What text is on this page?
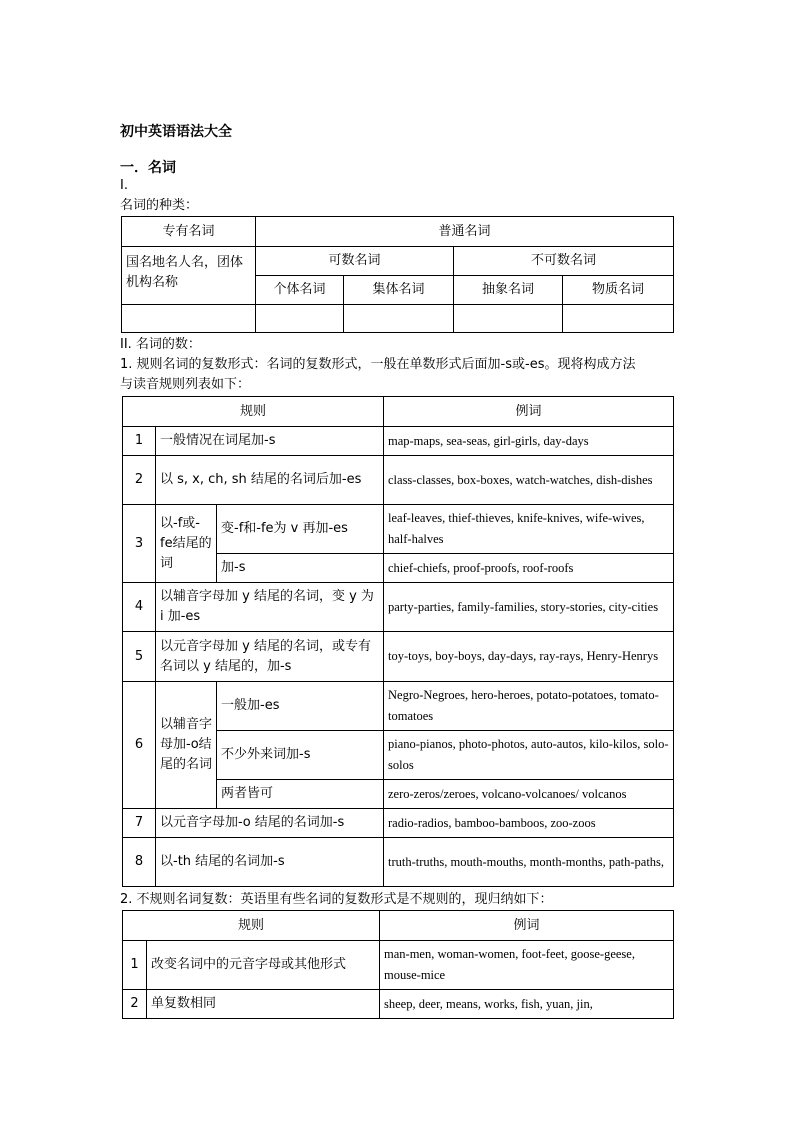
初中英语语法大全
一．名词
I.
名词的种类：
专有名词	普通名词			
国名地名人名，团体机构名称	可数名词		不可数名词	
	个体名词	集体名词	抽象名词	物质名词

II. 名词的数：
1. 规则名词的复数形式：名词的复数形式，一般在单数形式后面加-s或-es。现将构成方法
与读音规则列表如下：
规则			例词
1	一般情况在词尾加-s		map-maps, sea-seas, girl-girls, day-days
2	以 s, x, ch, sh 结尾的名词后加-es		class-classes, box-boxes, watch-watches, dish-dishes
3	以-f或-fe结尾的词	变-f和-fe为 v 再加-es	leaf-leaves, thief-thieves, knife-knives, wife-wives, half-halves
		加-s	chief-chiefs, proof-proofs, roof-roofs
4	以辅音字母加 y 结尾的名词，变 y 为 i 加-es		party-parties, family-families, story-stories, city-cities
5	以元音字母加 y 结尾的名词，或专有名词以 y 结尾的，加-s		toy-toys, boy-boys, day-days, ray-rays, Henry-Henrys
6	以辅音字母加-o结尾的名词	一般加-es	Negro-Negroes, hero-heroes, potato-potatoes, tomato-tomatoes
		不少外来词加-s	piano-pianos, photo-photos, auto-autos, kilo-kilos, solo-solos
		两者皆可	zero-zeros/zeroes, volcano-volcanoes/ volcanos
7	以元音字母加-o 结尾的名词加-s		radio-radios, bamboo-bamboos, zoo-zoos
8	以-th 结尾的名词加-s		truth-truths, mouth-mouths, month-months, path-paths,
2. 不规则名词复数：英语里有些名词的复数形式是不规则的，现归纳如下：
规则		例词
1	改变名词中的元音字母或其他形式	man-men, woman-women, foot-feet, goose-geese, mouse-mice
2	单复数相同	sheep, deer, means, works, fish, yuan, jin,
